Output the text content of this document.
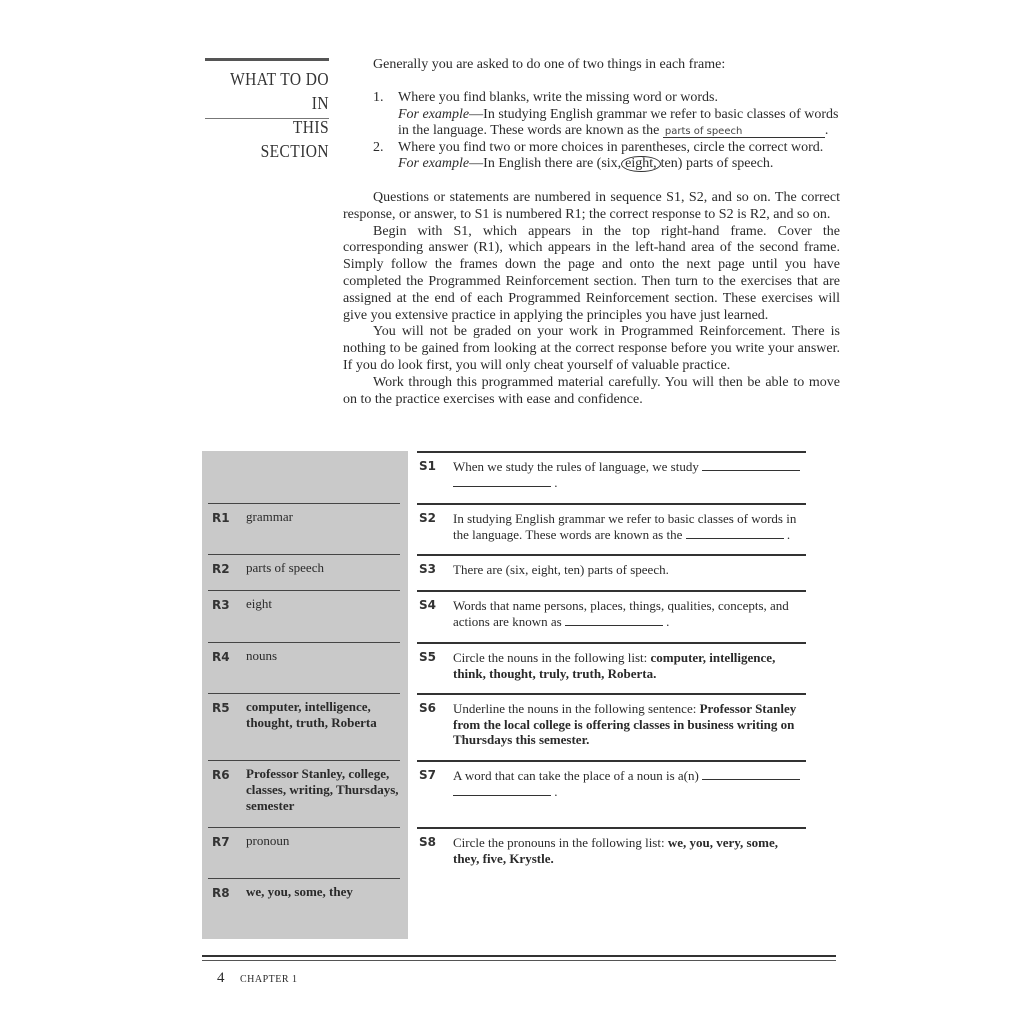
WHAT TO DO IN
THIS SECTION
Generally you are asked to do one of two things in each frame:
1. Where you find blanks, write the missing word or words.
For example—In studying English grammar we refer to basic classes of words in the language. These words are known as the parts of speech	.
2. Where you find two or more choices in parentheses, circle the correct word.
For example—In English there are (six, eight, ten) parts of speech.

Questions or statements are numbered in sequence S1, S2, and so on. The correct response, or answer, to S1 is numbered R1; the correct response to S2 is R2, and so on.

Begin with S1, which appears in the top right-hand frame. Cover the corresponding answer (R1), which appears in the left-hand area of the second frame. Simply follow the frames down the page and onto the next page until you have completed the Programmed Reinforcement section. Then turn to the exercises that are assigned at the end of each Programmed Reinforcement section. These exercises will give you extensive practice in applying the principles you have just learned.

You will not be graded on your work in Programmed Reinforcement. There is nothing to be gained from looking at the correct response before you write your answer. If you do look first, you will only cheat yourself of valuable practice.

Work through this programmed material carefully. You will then be able to move on to the practice exercises with ease and confidence.

R1 grammar
R2 parts of speech
R3 eight
R4 nouns
R5 computer, intelligence, thought, truth, Roberta
R6 Professor Stanley, college, classes, writing, Thursdays, semester
R7 pronoun
R8 we, you, some, they
S1 When we study the rules of language, we study
.
S2 In studying English grammar we refer to basic classes of words in the language. These words are known as the	.
S3 There are (six, eight, ten) parts of speech.
S4 Words that name persons, places, things, qualities, concepts, and actions are known as	.
S5 Circle the nouns in the following list: computer, intelligence, think, thought, truly, truth, Roberta.
S6 Underline the nouns in the following sentence: Professor Stanley from the local college is offering classes in business writing on Thursdays this semester.
S7 A word that can take the place of a noun is a(n)
.
S8 Circle the pronouns in the following list: we, you, very, some, they, five, Krystle.
4 CHAPTER 1
